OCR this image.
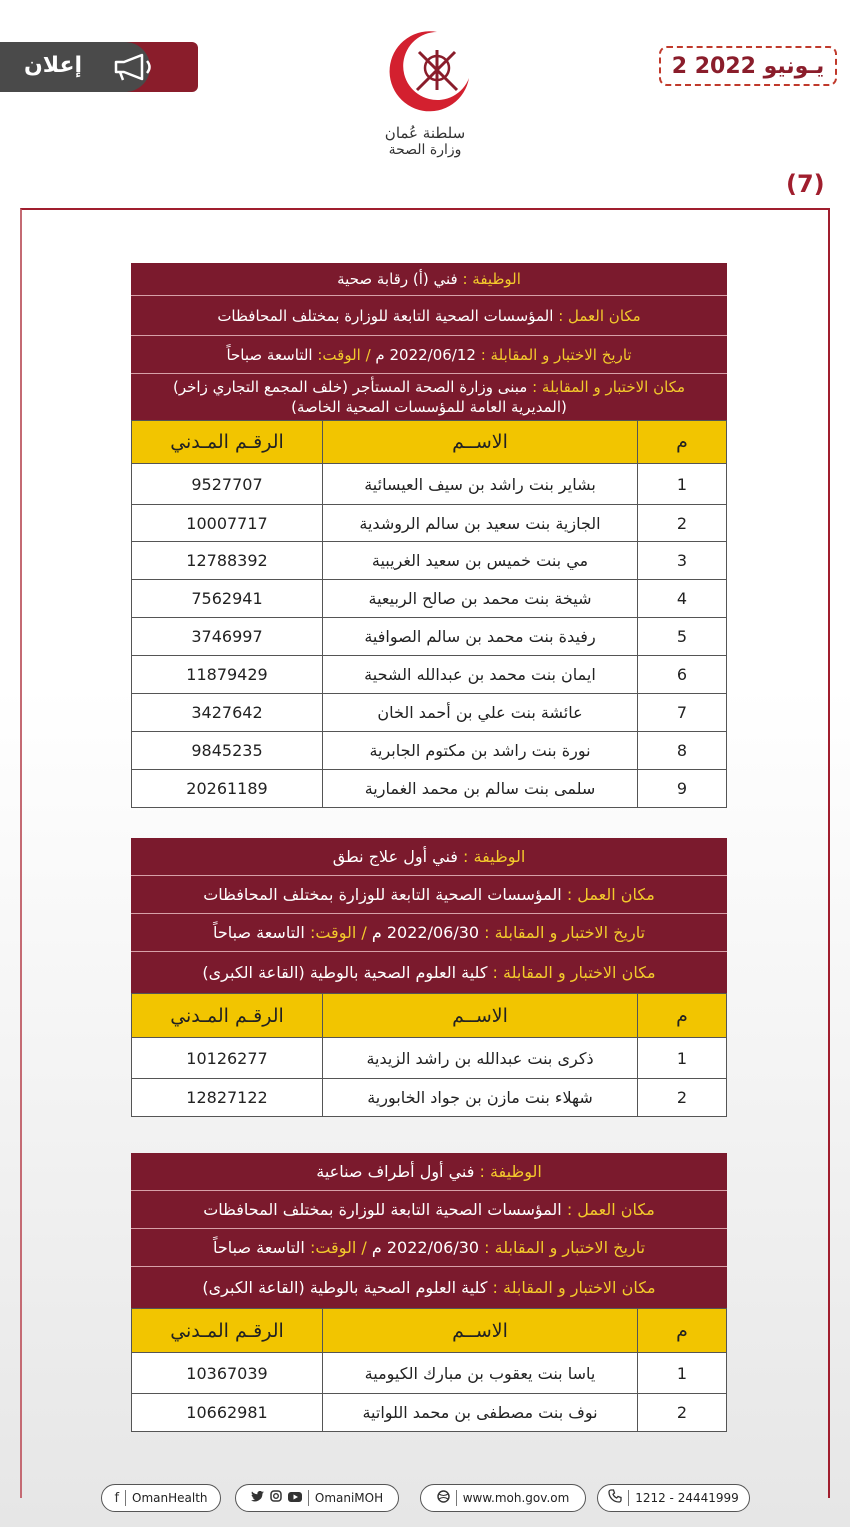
إعلان
سلطنة عُمان
وزارة الصحة
2 يـونيو 2022
(7)
الوظيفة :

فني (أ) رقابة صحية
مكان العمل :

المؤسسات الصحية التابعة للوزارة بمختلف المحافظات
تاريخ الاختبار و المقابلة :

2022/06/12 م

/ الوقت:

التاسعة صباحاً
مكان الاختبار و المقابلة : مبنى وزارة الصحة المستأجر (خلف المجمع التجاري زاخر)
(المديرية العامة للمؤسسات الصحية الخاصة)
م	الاســم	الرقـم المـدني
1	بشاير بنت راشد بن سيف العيسائية	9527707
2	الجازية بنت سعيد بن سالم الروشدية	10007717
3	مي بنت خميس بن سعيد الغريبية	12788392
4	شيخة بنت محمد بن صالح الربيعية	7562941
5	رفيدة بنت محمد بن سالم الصوافية	3746997
6	ايمان بنت محمد بن عبدالله الشحية	11879429
7	عائشة بنت علي بن أحمد الخان	3427642
8	نورة بنت راشد بن مكتوم الجابرية	9845235
9	سلمى بنت سالم بن محمد الغمارية	20261189
الوظيفة :

فني أول علاج نطق
مكان العمل :

المؤسسات الصحية التابعة للوزارة بمختلف المحافظات
تاريخ الاختبار و المقابلة :

2022/06/30 م

/ الوقت:

التاسعة صباحاً
مكان الاختبار و المقابلة :

كلية العلوم الصحية بالوطية (القاعة الكبرى)
م	الاســم	الرقـم المـدني
1	ذكرى بنت عبدالله بن راشد الزيدية	10126277
2	شهلاء بنت مازن بن جواد الخابورية	12827122
الوظيفة :

فني أول أطراف صناعية
مكان العمل :

المؤسسات الصحية التابعة للوزارة بمختلف المحافظات
تاريخ الاختبار و المقابلة :

2022/06/30 م

/ الوقت:

التاسعة صباحاً
مكان الاختبار و المقابلة :

كلية العلوم الصحية بالوطية (القاعة الكبرى)
م	الاســم	الرقـم المـدني
1	ياسا بنت يعقوب بن مبارك الكيومية	10367039
2	نوف بنت مصطفى بن محمد اللواتية	10662981
f OmanHealth	OmaniMOH	www.moh.gov.om	1212 - 24441999
